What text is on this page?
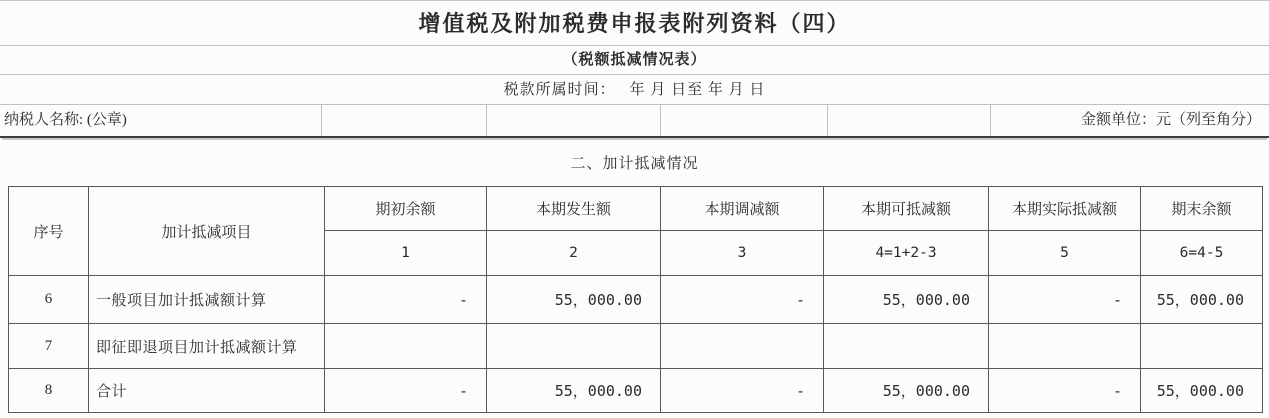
增值税及附加税费申报表附列资料（四）
（税额抵减情况表）
税款所属时间： 年 月 日至 年 月 日
纳税人名称: (公章)	金额单位：元（列至角分）
二、加计抵减情况
序号	加计抵减项目	期初余额	本期发生额	本期调减额	本期可抵减额	本期实际抵减额	期末余额
		1	2	3	4=1+2-3	5	6=4-5
6	一般项目加计抵减额计算	-	55，000.00	-	55，000.00	-	55，000.00
7	即征即退项目加计抵减额计算						
8	合计	-	55，000.00	-	55，000.00	-	55，000.00
